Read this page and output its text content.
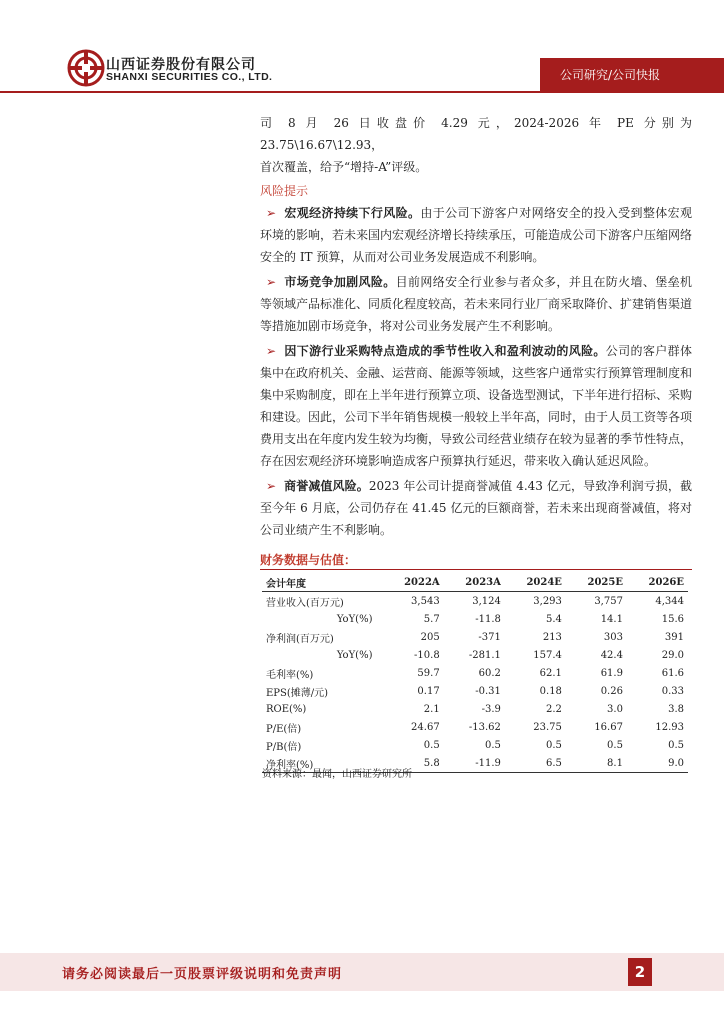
山西证券股份有限公司
SHANXI SECURITIES CO., LTD.	公司研究/公司快报

司 8 月 26 日收盘价 4.29 元，2024-2026 年 PE 分别为 23.75\16.67\12.93，
首次覆盖，给予“增持-A”评级。

风险提示

➢ 宏观经济持续下行风险。由于公司下游客户对网络安全的投入受到整体宏观环境的影响，若未来国内宏观经济增长持续承压，可能造成公司下游客户压缩网络安全的 IT 预算，从而对公司业务发展造成不利影响。

➢ 市场竞争加剧风险。目前网络安全行业参与者众多，并且在防火墙、堡垒机等领域产品标准化、同质化程度较高，若未来同行业厂商采取降价、扩建销售渠道等措施加剧市场竞争，将对公司业务发展产生不利影响。

➢ 因下游行业采购特点造成的季节性收入和盈利波动的风险。公司的客户群体集中在政府机关、金融、运营商、能源等领域，这些客户通常实行预算管理制度和集中采购制度，即在上半年进行预算立项、设备选型测试，下半年进行招标、采购和建设。因此，公司下半年销售规模一般较上半年高，同时，由于人员工资等各项费用支出在年度内发生较为均衡，导致公司经营业绩存在较为显著的季节性特点，存在因宏观经济环境影响造成客户预算执行延迟，带来收入确认延迟风险。

➢ 商誉减值风险。2023 年公司计提商誉减值 4.43 亿元，导致净利润亏损，截至今年 6 月底，公司仍存在 41.45 亿元的巨额商誉，若未来出现商誉减值，将对公司业绩产生不利影响。

财务数据与估值：
会计年度	2022A	2023A	2024E	2025E	2026E
营业收入(百万元)	3,543	3,124	3,293	3,757	4,344
YoY(%)	5.7	-11.8	5.4	14.1	15.6
净利润(百万元)	205	-371	213	303	391
YoY(%)	-10.8	-281.1	157.4	42.4	29.0
毛利率(%)	59.7	60.2	62.1	61.9	61.6
EPS(摊薄/元)	0.17	-0.31	0.18	0.26	0.33
ROE(%)	2.1	-3.9	2.2	3.0	3.8
P/E(倍)	24.67	-13.62	23.75	16.67	12.93
P/B(倍)	0.5	0.5	0.5	0.5	0.5
净利率(%)	5.8	-11.9	6.5	8.1	9.0
资料来源：最闻，山西证券研究所
请务必阅读最后一页股票评级说明和免责声明	2
